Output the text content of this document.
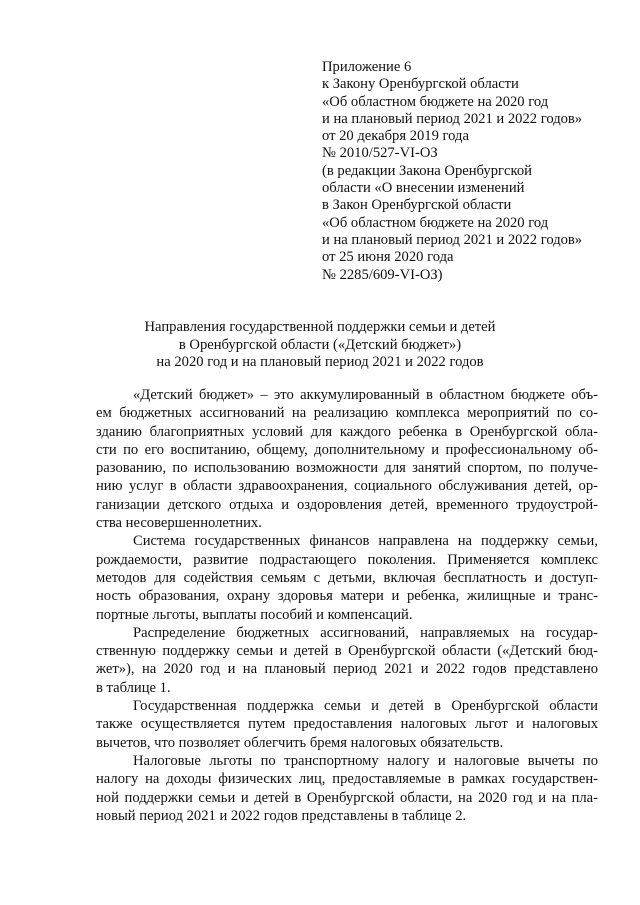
Приложение 6
к Закону Оренбургской области
«Об областном бюджете на 2020 год
и на плановый период 2021 и 2022 годов»
от 20 декабря 2019 года
№ 2010/527-VI-ОЗ
(в редакции Закона Оренбургской
области «О внесении изменений
в Закон Оренбургской области
«Об областном бюджете на 2020 год
и на плановый период 2021 и 2022 годов»
от 25 июня 2020 года
№ 2285/609-VI-ОЗ)
Направления государственной поддержки семьи и детей
в Оренбургской области («Детский бюджет»)
на 2020 год и на плановый период 2021 и 2022 годов
«Детский бюджет» – это аккумулированный в областном бюджете объ-
ем бюджетных ассигнований на реализацию комплекса мероприятий по со-
зданию благоприятных условий для каждого ребенка в Оренбургской обла-
сти по его воспитанию, общему, дополнительному и профессиональному об-
разованию, по использованию возможности для занятий спортом, по получе-
нию услуг в области здравоохранения, социального обслуживания детей, ор-
ганизации детского отдыха и оздоровления детей, временного трудоустрой-
ства несовершеннолетних.
Система государственных финансов направлена на поддержку семьи,
рождаемости, развитие подрастающего поколения. Применяется комплекс
методов для содействия семьям с детьми, включая бесплатность и доступ-
ность образования, охрану здоровья матери и ребенка, жилищные и транс-
портные льготы, выплаты пособий и компенсаций.
Распределение бюджетных ассигнований, направляемых на государ-
ственную поддержку семьи и детей в Оренбургской области («Детский бюд-
жет»), на 2020 год и на плановый период 2021 и 2022 годов представлено
в таблице 1.
Государственная поддержка семьи и детей в Оренбургской области
также осуществляется путем предоставления налоговых льгот и налоговых
вычетов, что позволяет облегчить бремя налоговых обязательств.
Налоговые льготы по транспортному налогу и налоговые вычеты по
налогу на доходы физических лиц, предоставляемые в рамках государствен-
ной поддержки семьи и детей в Оренбургской области, на 2020 год и на пла-
новый период 2021 и 2022 годов представлены в таблице 2.
